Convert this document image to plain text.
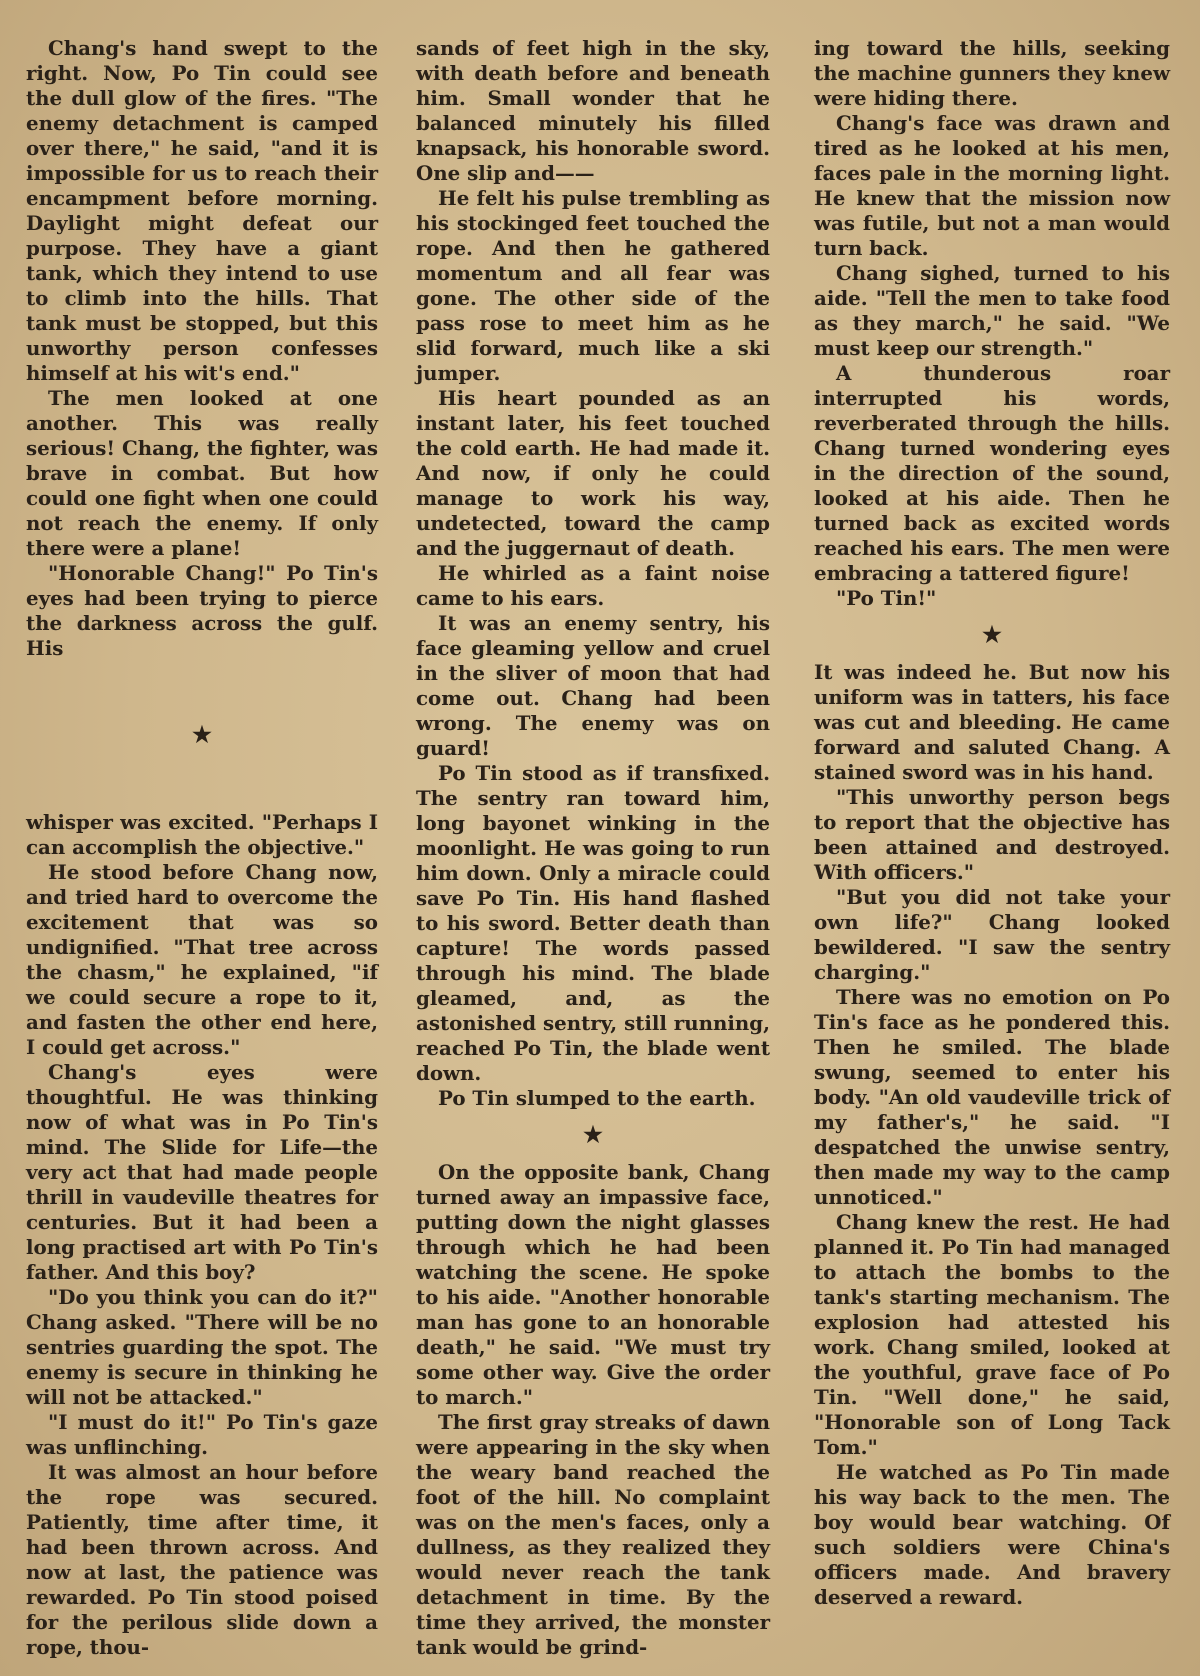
Chang's hand swept to the right. Now, Po Tin could see the dull glow of the fires. "The enemy detachment is camped over there," he said, "and it is impossible for us to reach their encampment before morning. Daylight might defeat our purpose. They have a giant tank, which they intend to use to climb into the hills. That tank must be stopped, but this unworthy person confesses himself at his wit's end."

The men looked at one another. This was really serious! Chang, the fighter, was brave in combat. But how could one fight when one could not reach the enemy. If only there were a plane!

"Honorable Chang!" Po Tin's eyes had been trying to pierce the darkness across the gulf. His

★

whisper was excited. "Perhaps I can accomplish the objective."

He stood before Chang now, and tried hard to overcome the excitement that was so undignified. "That tree across the chasm," he explained, "if we could secure a rope to it, and fasten the other end here, I could get across."

Chang's eyes were thoughtful. He was thinking now of what was in Po Tin's mind. The Slide for Life—the very act that had made people thrill in vaudeville theatres for centuries. But it had been a long practised art with Po Tin's father. And this boy?

"Do you think you can do it?" Chang asked. "There will be no sentries guarding the spot. The enemy is secure in thinking he will not be attacked."

"I must do it!" Po Tin's gaze was unflinching.

It was almost an hour before the rope was secured. Patiently, time after time, it had been thrown across. And now at last, the patience was rewarded. Po Tin stood poised for the perilous slide down a rope, thou-

sands of feet high in the sky, with death before and beneath him. Small wonder that he balanced minutely his filled knapsack, his honorable sword. One slip and——

He felt his pulse trembling as his stockinged feet touched the rope. And then he gathered momentum and all fear was gone. The other side of the pass rose to meet him as he slid forward, much like a ski jumper.

His heart pounded as an instant later, his feet touched the cold earth. He had made it. And now, if only he could manage to work his way, undetected, toward the camp and the juggernaut of death.

He whirled as a faint noise came to his ears.

It was an enemy sentry, his face gleaming yellow and cruel in the sliver of moon that had come out. Chang had been wrong. The enemy was on guard!

Po Tin stood as if transfixed. The sentry ran toward him, long bayonet winking in the moonlight. He was going to run him down. Only a miracle could save Po Tin. His hand flashed to his sword. Better death than capture! The words passed through his mind. The blade gleamed, and, as the astonished sentry, still running, reached Po Tin, the blade went down.

Po Tin slumped to the earth.

★

On the opposite bank, Chang turned away an impassive face, putting down the night glasses through which he had been watching the scene. He spoke to his aide. "Another honorable man has gone to an honorable death," he said. "We must try some other way. Give the order to march."

The first gray streaks of dawn were appearing in the sky when the weary band reached the foot of the hill. No complaint was on the men's faces, only a dullness, as they realized they would never reach the tank detachment in time. By the time they arrived, the monster tank would be grind-

ing toward the hills, seeking the machine gunners they knew were hiding there.

Chang's face was drawn and tired as he looked at his men, faces pale in the morning light. He knew that the mission now was futile, but not a man would turn back.

Chang sighed, turned to his aide. "Tell the men to take food as they march," he said. "We must keep our strength."

A thunderous roar interrupted his words, reverberated through the hills. Chang turned wondering eyes in the direction of the sound, looked at his aide. Then he turned back as excited words reached his ears. The men were embracing a tattered figure!

"Po Tin!"

★

It was indeed he. But now his uniform was in tatters, his face was cut and bleeding. He came forward and saluted Chang. A stained sword was in his hand.

"This unworthy person begs to report that the objective has been attained and destroyed. With officers."

"But you did not take your own life?" Chang looked bewildered. "I saw the sentry charging."

There was no emotion on Po Tin's face as he pondered this. Then he smiled. The blade swung, seemed to enter his body. "An old vaudeville trick of my father's," he said. "I despatched the unwise sentry, then made my way to the camp unnoticed."

Chang knew the rest. He had planned it. Po Tin had managed to attach the bombs to the tank's starting mechanism. The explosion had attested his work. Chang smiled, looked at the youthful, grave face of Po Tin. "Well done," he said, "Honorable son of Long Tack Tom."

He watched as Po Tin made his way back to the men. The boy would bear watching. Of such soldiers were China's officers made. And bravery deserved a reward.
